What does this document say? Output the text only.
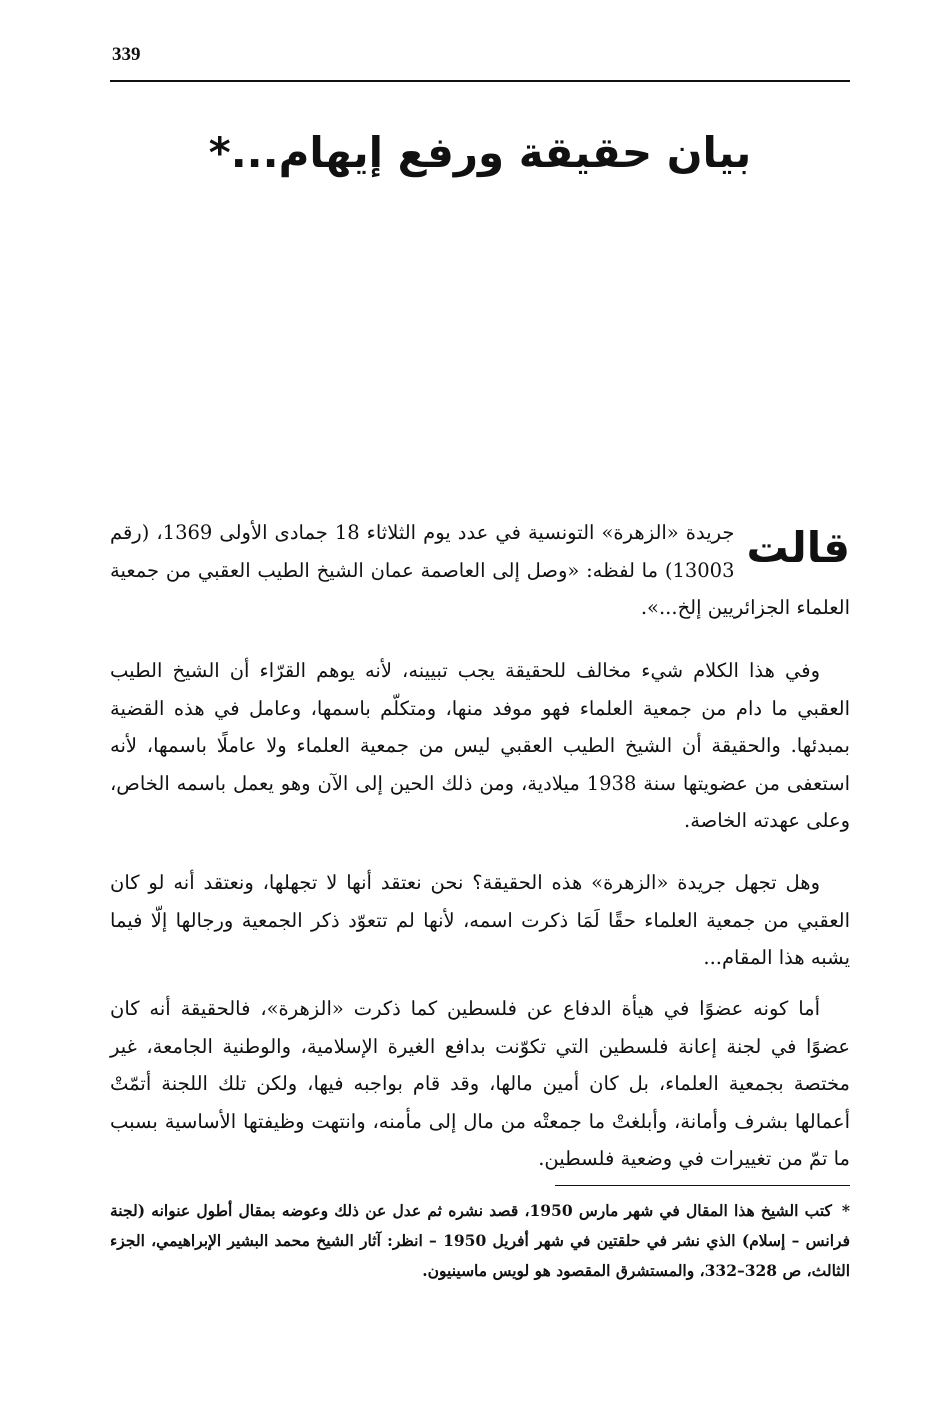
339
بيان حقيقة ورفع إيهام...*
قالت
جريدة «الزهرة» التونسية في عدد يوم الثلاثاء 18 جمادى الأولى 1369، (رقم 13003) ما لفظه: «وصل إلى العاصمة عمان الشيخ الطيب العقبي من جمعية العلماء الجزائريين إلخ...».
وفي هذا الكلام شيء مخالف للحقيقة يجب تبيينه، لأنه يوهم القرّاء أن الشيخ الطيب العقبي ما دام من جمعية العلماء فهو موفد منها، ومتكلّم باسمها، وعامل في هذه القضية بمبدئها. والحقيقة أن الشيخ الطيب العقبي ليس من جمعية العلماء ولا عاملًا باسمها، لأنه استعفى من عضويتها سنة 1938 ميلادية، ومن ذلك الحين إلى الآن وهو يعمل باسمه الخاص، وعلى عهدته الخاصة.
وهل تجهل جريدة «الزهرة» هذه الحقيقة؟ نحن نعتقد أنها لا تجهلها، ونعتقد أنه لو كان العقبي من جمعية العلماء حقًا لَمَا ذكرت اسمه، لأنها لم تتعوّد ذكر الجمعية ورجالها إلّا فيما يشبه هذا المقام...
أما كونه عضوًا في هيأة الدفاع عن فلسطين كما ذكرت «الزهرة»، فالحقيقة أنه كان عضوًا في لجنة إعانة فلسطين التي تكوّنت بدافع الغيرة الإسلامية، والوطنية الجامعة، غير مختصة بجمعية العلماء، بل كان أمين مالها، وقد قام بواجبه فيها، ولكن تلك اللجنة أتمّتْ أعمالها بشرف وأمانة، وأبلغتْ ما جمعتْه من مال إلى مأمنه، وانتهت وظيفتها الأساسية بسبب ما تمّ من تغييرات في وضعية فلسطين.
*كتب الشيخ هذا المقال في شهر مارس 1950، قصد نشره ثم عدل عن ذلك وعوضه بمقال أطول عنوانه (لجنة فرانس – إسلام) الذي نشر في حلقتين في شهر أفريل 1950 – انظر: آثار الشيخ محمد البشير الإبراهيمي، الجزء الثالث، ص 328–332، والمستشرق المقصود هو لويس ماسينيون.
